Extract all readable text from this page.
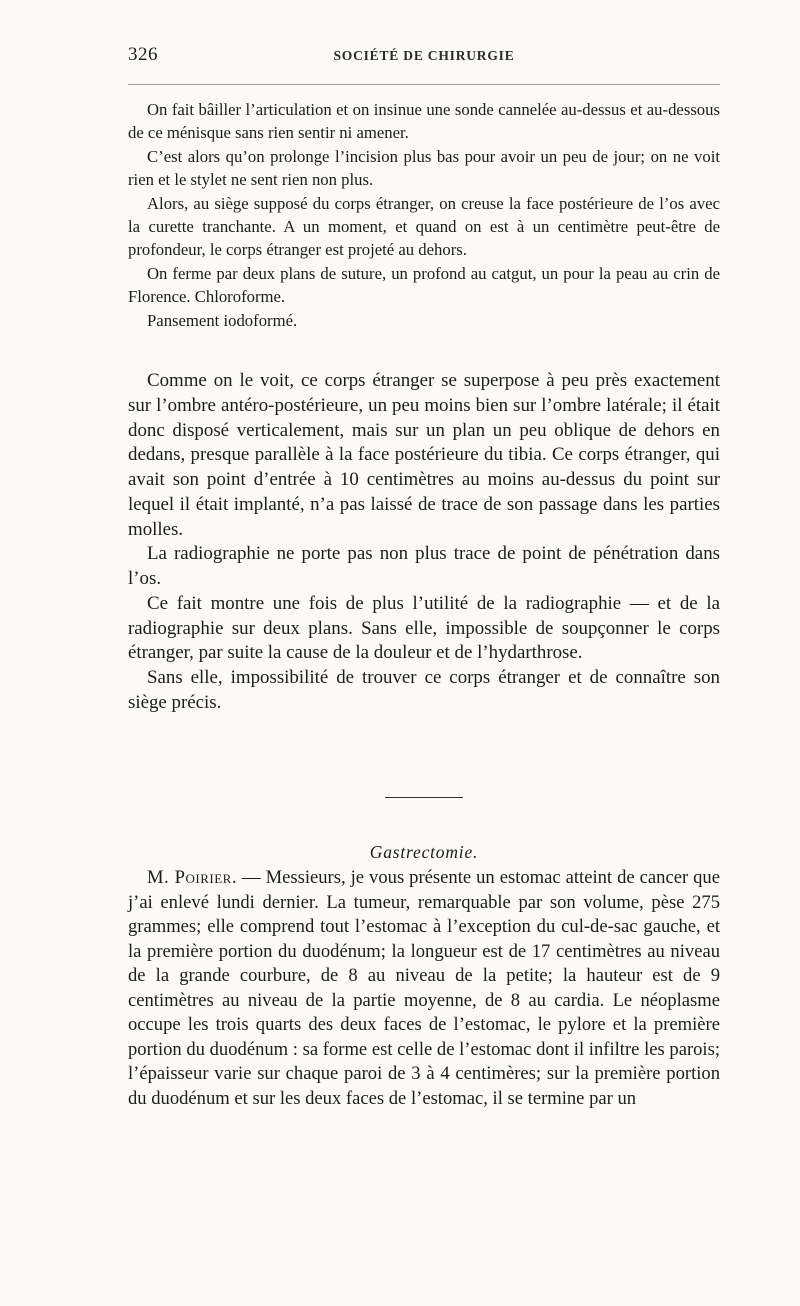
326	SOCIÉTÉ DE CHIRURGIE

On fait bâiller l’articulation et on insinue une sonde cannelée au-dessus et au-dessous de ce ménisque sans rien sentir ni amener.

C’est alors qu’on prolonge l’incision plus bas pour avoir un peu de jour; on ne voit rien et le stylet ne sent rien non plus.

Alors, au siège supposé du corps étranger, on creuse la face postérieure de l’os avec la curette tranchante. A un moment, et quand on est à un centimètre peut-être de profondeur, le corps étranger est projeté au dehors.

On ferme par deux plans de suture, un profond au catgut, un pour la peau au crin de Florence. Chloroforme.

Pansement iodoformé.

Comme on le voit, ce corps étranger se superpose à peu près exactement sur l’ombre antéro-postérieure, un peu moins bien sur l’ombre latérale; il était donc disposé verticalement, mais sur un plan un peu oblique de dehors en dedans, presque parallèle à la face postérieure du tibia. Ce corps étranger, qui avait son point d’entrée à 10 centimètres au moins au-dessus du point sur lequel il était implanté, n’a pas laissé de trace de son passage dans les parties molles.

La radiographie ne porte pas non plus trace de point de pénétration dans l’os.

Ce fait montre une fois de plus l’utilité de la radiographie — et de la radiographie sur deux plans. Sans elle, impossible de soupçonner le corps étranger, par suite la cause de la douleur et de l’hydarthrose.

Sans elle, impossibilité de trouver ce corps étranger et de connaître son siège précis.

Gastrectomie.

M. Poirier. — Messieurs, je vous présente un estomac atteint de cancer que j’ai enlevé lundi dernier. La tumeur, remarquable par son volume, pèse 275 grammes; elle comprend tout l’estomac à l’exception du cul-de-sac gauche, et la première portion du duodénum; la longueur est de 17 centimètres au niveau de la grande courbure, de 8 au niveau de la petite; la hauteur est de 9 centimètres au niveau de la partie moyenne, de 8 au cardia. Le néoplasme occupe les trois quarts des deux faces de l’estomac, le pylore et la première portion du duodénum : sa forme est celle de l’estomac dont il infiltre les parois; l’épaisseur varie sur chaque paroi de 3 à 4 centimères; sur la première portion du duodénum et sur les deux faces de l’estomac, il se termine par un
